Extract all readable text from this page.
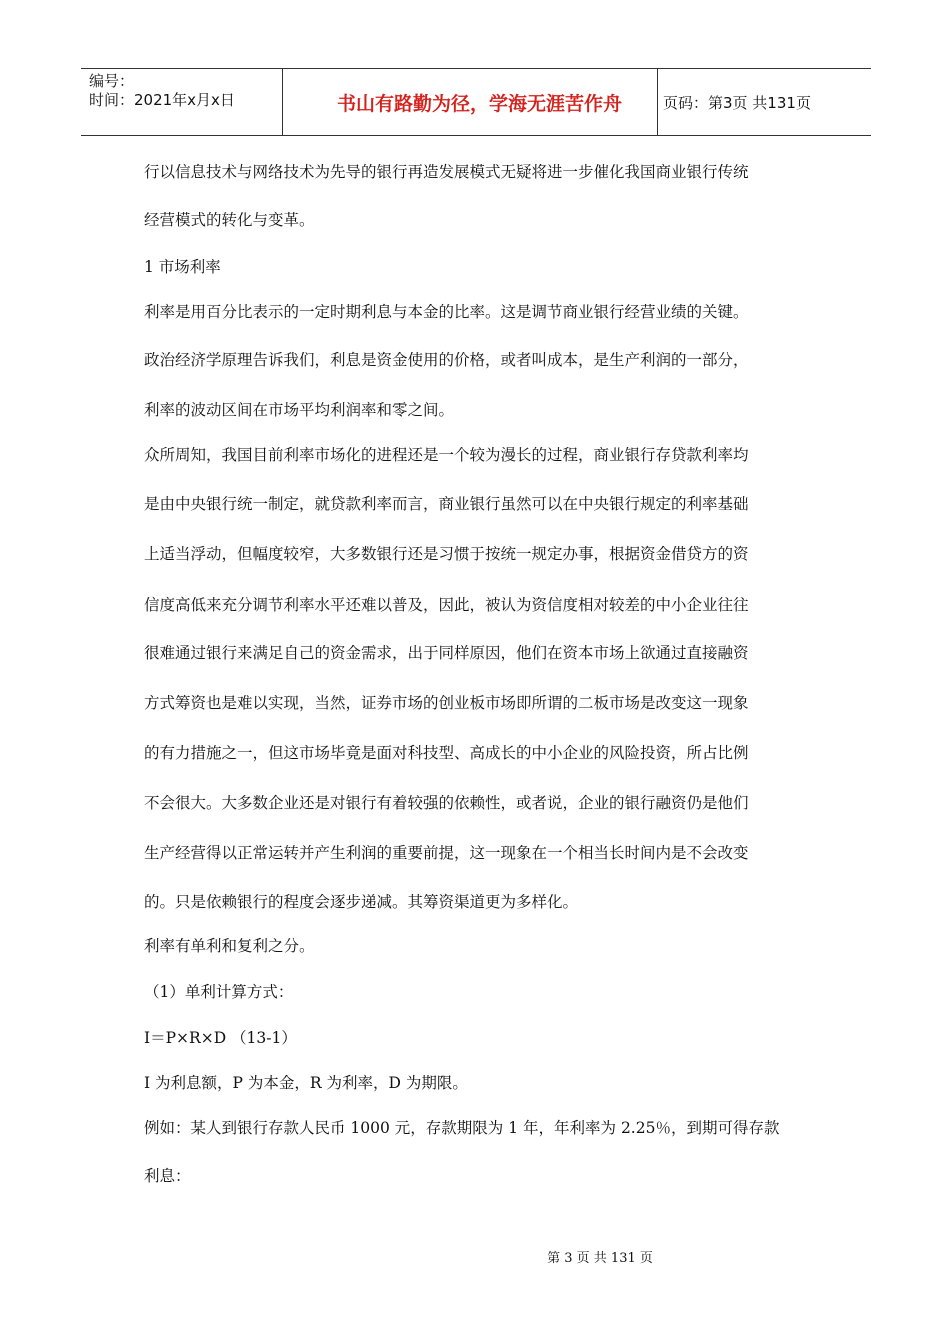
编号：
时间：2021年x月x日	书山有路勤为径，学海无涯苦作舟	页码：第3页 共131页
行以信息技术与网络技术为先导的银行再造发展模式无疑将进一步催化我国商业银行传统
经营模式的转化与变革。
1 市场利率
利率是用百分比表示的一定时期利息与本金的比率。这是调节商业银行经营业绩的关键。
政治经济学原理告诉我们，利息是资金使用的价格，或者叫成本，是生产利润的一部分，
利率的波动区间在市场平均利润率和零之间。
众所周知，我国目前利率市场化的进程还是一个较为漫长的过程，商业银行存贷款利率均
是由中央银行统一制定，就贷款利率而言，商业银行虽然可以在中央银行规定的利率基础
上适当浮动，但幅度较窄，大多数银行还是习惯于按统一规定办事，根据资金借贷方的资
信度高低来充分调节利率水平还难以普及，因此，被认为资信度相对较差的中小企业往往
很难通过银行来满足自己的资金需求，出于同样原因，他们在资本市场上欲通过直接融资
方式筹资也是难以实现，当然，证券市场的创业板市场即所谓的二板市场是改变这一现象
的有力措施之一，但这市场毕竟是面对科技型、高成长的中小企业的风险投资，所占比例
不会很大。大多数企业还是对银行有着较强的依赖性，或者说，企业的银行融资仍是他们
生产经营得以正常运转并产生利润的重要前提，这一现象在一个相当长时间内是不会改变
的。只是依赖银行的程度会逐步递减。其筹资渠道更为多样化。
利率有单利和复利之分。
（1）单利计算方式：
I＝P×R×D （13-1）
I 为利息额，P 为本金，R 为利率，D 为期限。
例如：某人到银行存款人民币 1000 元，存款期限为 1 年，年利率为 2.25％，到期可得存款
利息：
第 3 页 共 131 页
